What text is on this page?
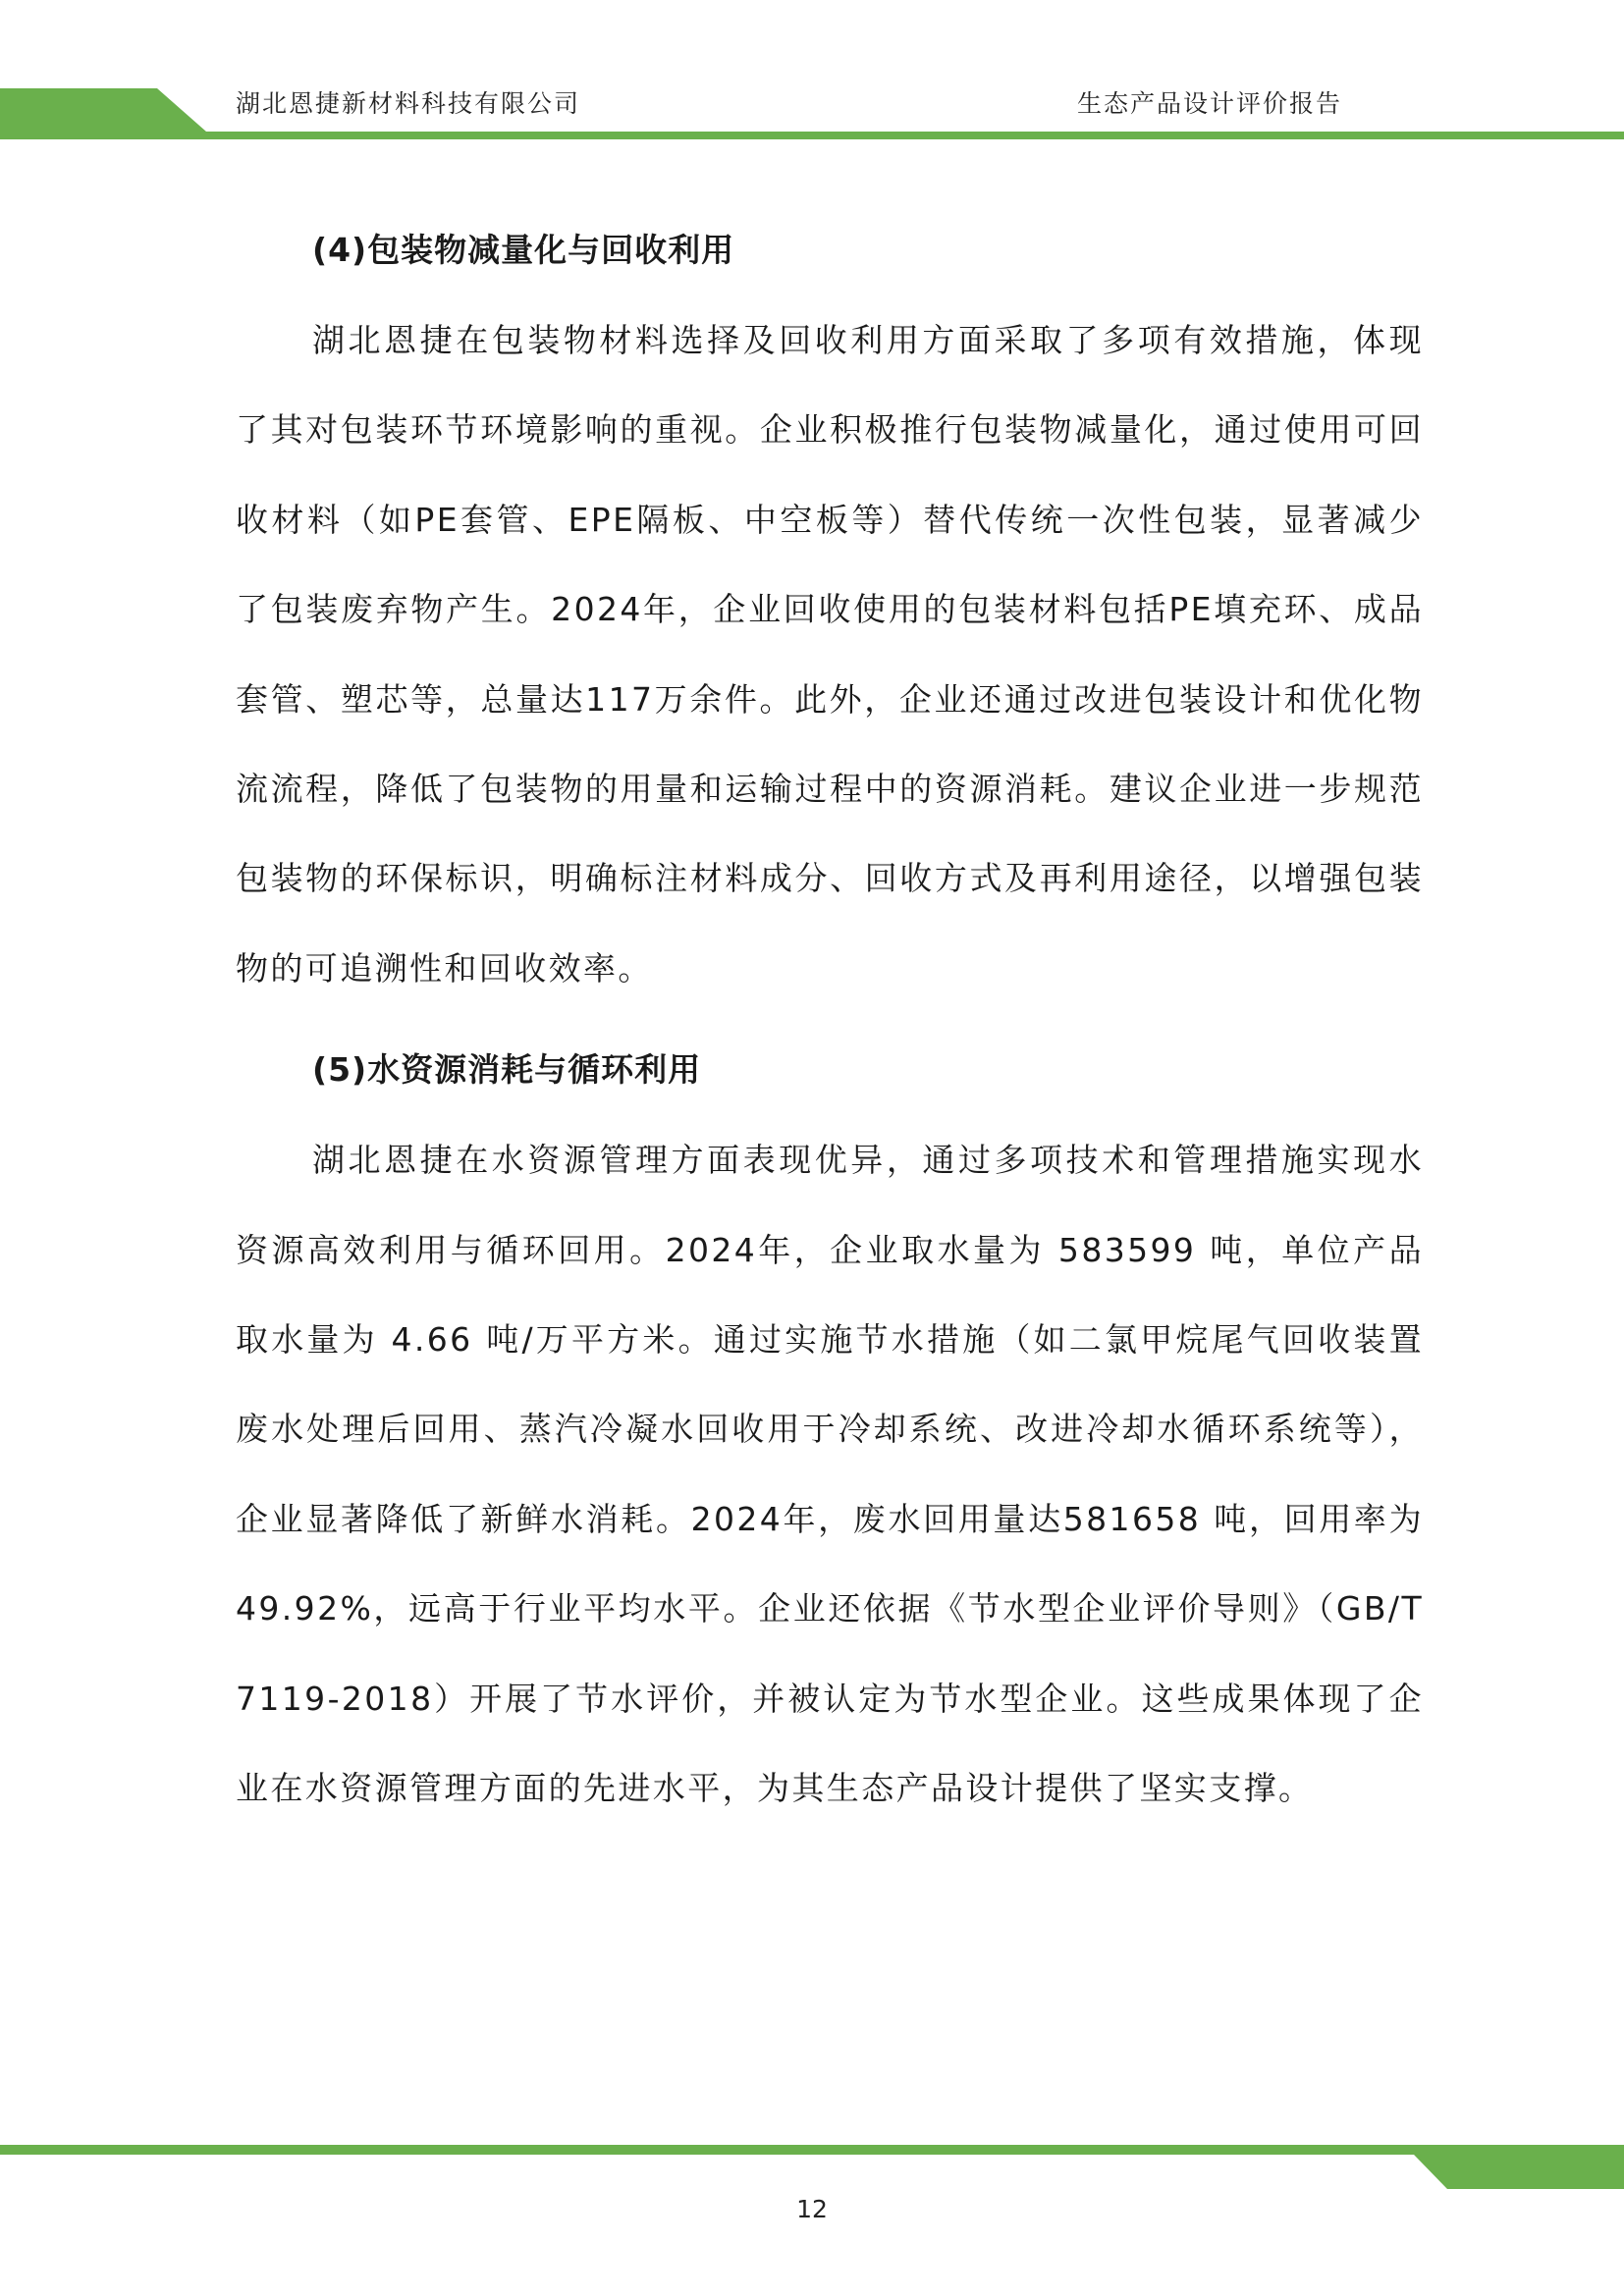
湖北恩捷新材料科技有限公司	生态产品设计评价报告
(4)包装物减量化与回收利用

湖北恩捷在包装物材料选择及回收利用方面采取了多项有效措施，体现了其对包装环节环境影响的重视。企业积极推行包装物减量化，通过使用可回收材料（如PE套管、EPE隔板、中空板等）替代传统一次性包装，显著减少了包装废弃物产生。2024年，企业回收使用的包装材料包括PE填充环、成品套管、塑芯等，总量达117万余件。此外，企业还通过改进包装设计和优化物流流程，降低了包装物的用量和运输过程中的资源消耗。建议企业进一步规范包装物的环保标识，明确标注材料成分、回收方式及再利用途径，以增强包装物的可追溯性和回收效率。

(5)水资源消耗与循环利用

湖北恩捷在水资源管理方面表现优异，通过多项技术和管理措施实现水资源高效利用与循环回用。2024年，企业取水量为 583599 吨，单位产品取水量为 4.66 吨/万平方米。通过实施节水措施（如二氯甲烷尾气回收装置废水处理后回用、蒸汽冷凝水回收用于冷却系统、改进冷却水循环系统等），企业显著降低了新鲜水消耗。2024年，废水回用量达581658 吨，回用率为 49.92%，远高于行业平均水平。企业还依据《节水型企业评价导则》（GB/T 7119-2018）开展了节水评价，并被认定为节水型企业。这些成果体现了企业在水资源管理方面的先进水平，为其生态产品设计提供了坚实支撑。

12
